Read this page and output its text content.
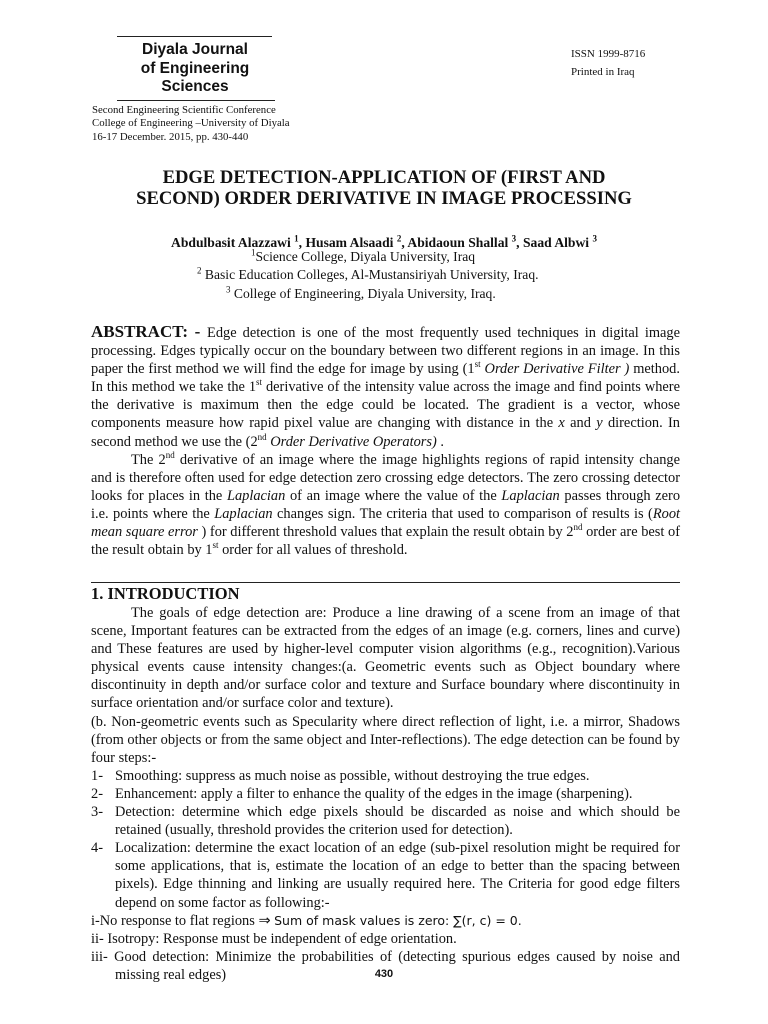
Diyala Journal
of Engineering
Sciences
Second Engineering Scientific Conference
College of Engineering –University of Diyala
16-17 December. 2015, pp. 430-440
ISSN 1999-8716
Printed in Iraq
EDGE DETECTION-APPLICATION OF (FIRST AND
SECOND) ORDER DERIVATIVE IN IMAGE PROCESSING
Abdulbasit Alazzawi $^1$, Husam Alsaadi $^2$, Abidaoun Shallal $^3$, Saad Albwi $^3$
$^1$Science College, Diyala University, Iraq
$^2$ Basic Education Colleges, Al-Mustansiriyah University, Iraq.
$^3$ College of Engineering, Diyala University, Iraq.

ABSTRACT: - Edge detection is one of the most frequently used techniques in digital image processing. Edges typically occur on the boundary between two different regions in an image. In this paper the first method we will find the edge for image by using (1st Order Derivative Filter ) method. In this method we take the 1st derivative of the intensity value across the image and find points where the derivative is maximum then the edge could be located. The gradient is a vector, whose components measure how rapid pixel value are changing with distance in the x and y direction. In second method we use the (2nd Order Derivative Operators) .

The 2nd derivative of an image where the image highlights regions of rapid intensity change and is therefore often used for edge detection zero crossing edge detectors. The zero crossing detector looks for places in the Laplacian of an image where the value of the Laplacian passes through zero i.e. points where the Laplacian changes sign. The criteria that used to comparison of results is (Root mean square error ) for different threshold values that explain the result obtain by 2nd order are best of the result obtain by 1st order for all values of threshold.

1. INTRODUCTION

The goals of edge detection are: Produce a line drawing of a scene from an image of that scene, Important features can be extracted from the edges of an image (e.g. corners, lines and curve) and These features are used by higher-level computer vision algorithms (e.g., recognition).Various physical events cause intensity changes:(a. Geometric events such as Object boundary where discontinuity in depth and/or surface color and texture and Surface boundary where discontinuity in surface orientation and/or surface color and texture).

(b. Non-geometric events such as Specularity where direct reflection of light, i.e. a mirror, Shadows (from other objects or from the same object and Inter-reflections). The edge detection can be found by four steps:-

1- Smoothing: suppress as much noise as possible, without destroying the true edges.
2- Enhancement: apply a filter to enhance the quality of the edges in the image (sharpening).
3- Detection: determine which edge pixels should be discarded as noise and which should be retained (usually, threshold provides the criterion used for detection).
4- Localization: determine the exact location of an edge (sub-pixel resolution might be required for some applications, that is, estimate the location of an edge to better than the spacing between pixels). Edge thinning and linking are usually required here. The Criteria for good edge filters depend on some factor as following:-
i-No response to flat regions ⇒ Sum of mask values is zero: ∑(r, c) = 0.
ii- Isotropy: Response must be independent of edge orientation.
iii- Good detection: Minimize the probabilities of (detecting spurious edges caused by noise and missing real edges)	430
